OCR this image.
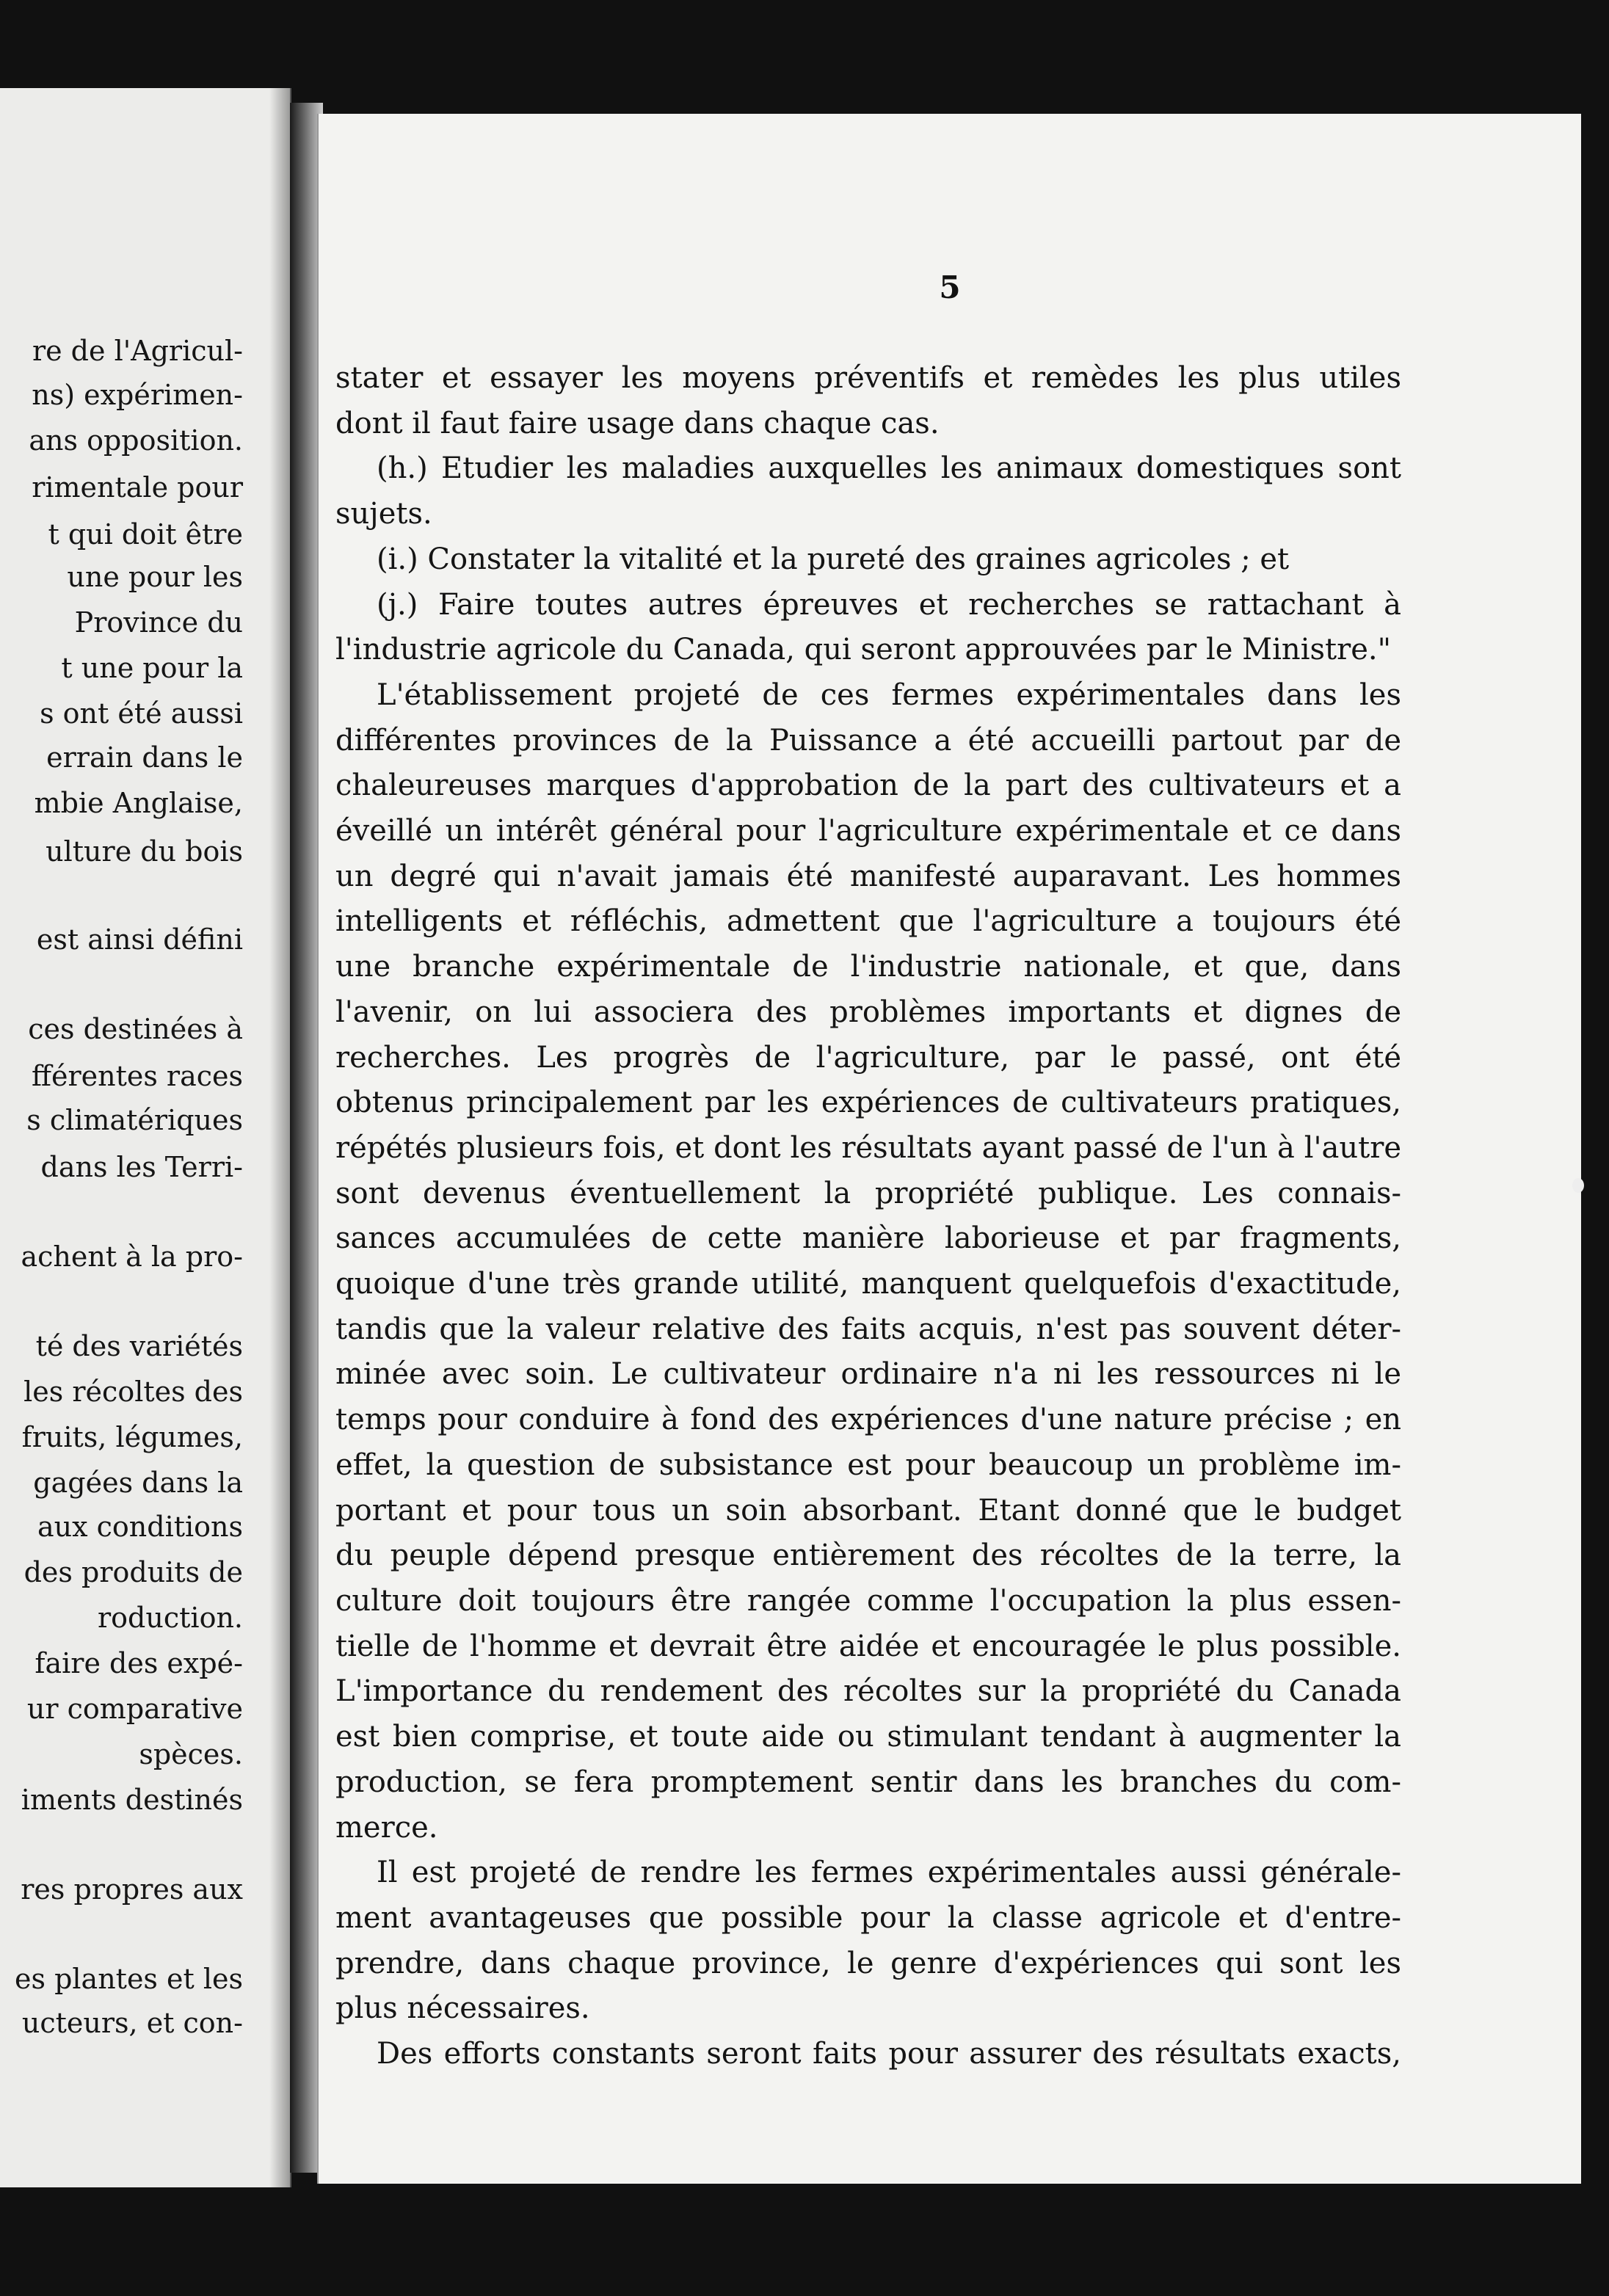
re de l'Agricul-
ns) expérimen-
ans opposition.
rimentale pour
t qui doit être
une pour les
Province du
t une pour la
s ont été aussi
errain dans le
mbie Anglaise,
ulture du bois
est ainsi défini
ces destinées à
fférentes races
s climatériques
dans les Terri-
achent à la pro-
té des variétés
les récoltes des
fruits, légumes,
gagées dans la
aux conditions
des produits de
roduction.
faire des expé-
ur comparative
spèces.
iments destinés
res propres aux
es plantes et les
ucteurs, et con-
5
stater et essayer les moyens préventifs et remèdes les plus utiles
dont il faut faire usage dans chaque cas.
(h.) Etudier les maladies auxquelles les animaux domestiques sont
sujets.
(i.) Constater la vitalité et la pureté des graines agricoles ; et
(j.) Faire toutes autres épreuves et recherches se rattachant à
l'industrie agricole du Canada, qui seront approuvées par le Ministre."
L'établissement projeté de ces fermes expérimentales dans les
différentes provinces de la Puissance a été accueilli partout par de
chaleureuses marques d'approbation de la part des cultivateurs et a
éveillé un intérêt général pour l'agriculture expérimentale et ce dans
un degré qui n'avait jamais été manifesté auparavant. Les hommes
intelligents et réfléchis, admettent que l'agriculture a toujours été
une branche expérimentale de l'industrie nationale, et que, dans
l'avenir, on lui associera des problèmes importants et dignes de
recherches. Les progrès de l'agriculture, par le passé, ont été
obtenus principalement par les expériences de cultivateurs pratiques,
répétés plusieurs fois, et dont les résultats ayant passé de l'un à l'autre
sont devenus éventuellement la propriété publique. Les connais-
sances accumulées de cette manière laborieuse et par fragments,
quoique d'une très grande utilité, manquent quelquefois d'exactitude,
tandis que la valeur relative des faits acquis, n'est pas souvent déter-
minée avec soin. Le cultivateur ordinaire n'a ni les ressources ni le
temps pour conduire à fond des expériences d'une nature précise ; en
effet, la question de subsistance est pour beaucoup un problème im-
portant et pour tous un soin absorbant. Etant donné que le budget
du peuple dépend presque entièrement des récoltes de la terre, la
culture doit toujours être rangée comme l'occupation la plus essen-
tielle de l'homme et devrait être aidée et encouragée le plus possible.
L'importance du rendement des récoltes sur la propriété du Canada
est bien comprise, et toute aide ou stimulant tendant à augmenter la
production, se fera promptement sentir dans les branches du com-
merce.
Il est projeté de rendre les fermes expérimentales aussi générale-
ment avantageuses que possible pour la classe agricole et d'entre-
prendre, dans chaque province, le genre d'expériences qui sont les
plus nécessaires.
Des efforts constants seront faits pour assurer des résultats exacts,
